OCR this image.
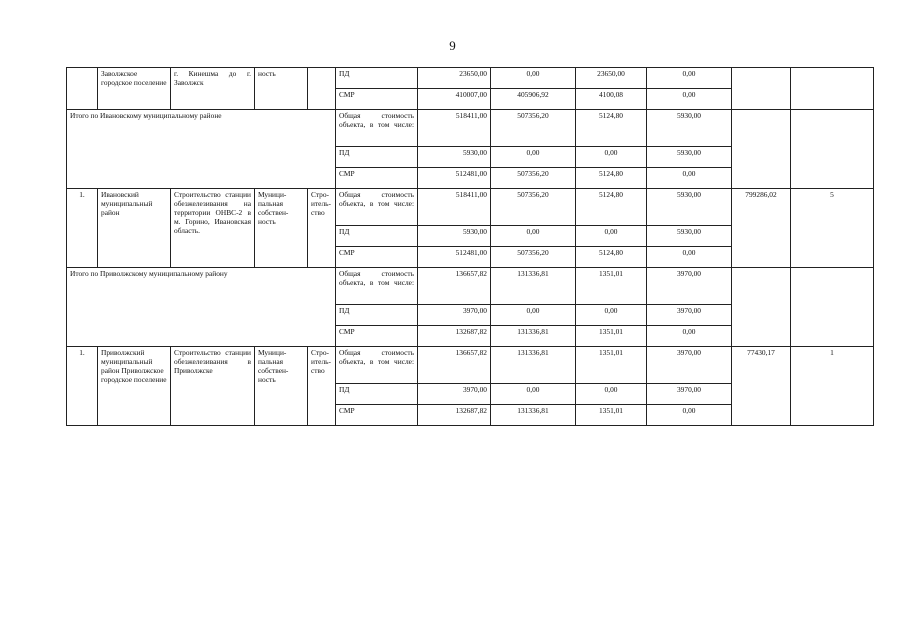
9
	Заволжское городское поселение	г. Кинешма до г. Заволжск	ность		ПД	23650,00	0,00	23650,00	0,00		
					СМР	410007,00	405906,92	4100,08	0,00		
Итого по Ивановскому муниципальному районе					Общая стоимость объекта, в том числе:	518411,00	507356,20	5124,80	5930,00		
					ПД	5930,00	0,00	0,00	5930,00		
					СМР	512481,00	507356,20	5124,80	0,00		
1.	Ивановский муниципальный район	Строительство станции обезжелезивания на территории ОНВС-2 в м. Горино, Ивановская область.	Муници-пальная собствен-ность	Стро-итель-ство	Общая стоимость объекта, в том числе:	518411,00	507356,20	5124,80	5930,00	799286,02	5
					ПД	5930,00	0,00	0,00	5930,00		
					СМР	512481,00	507356,20	5124,80	0,00		
Итого по Приволжскому муниципальному району					Общая стоимость объекта, в том числе:	136657,82	131336,81	1351,01	3970,00		
					ПД	3970,00	0,00	0,00	3970,00		
					СМР	132687,82	131336,81	1351,01	0,00		
1.	Приволжский муниципальный район Приволжское городское поселение	Строительство станции обезжелезивания в Приволжске	Муници-пальная собствен-ность	Стро-итель-ство	Общая стоимость объекта, в том числе:	136657,82	131336,81	1351,01	3970,00	77430,17	1
					ПД	3970,00	0,00	0,00	3970,00		
					СМР	132687,82	131336,81	1351,01	0,00		
